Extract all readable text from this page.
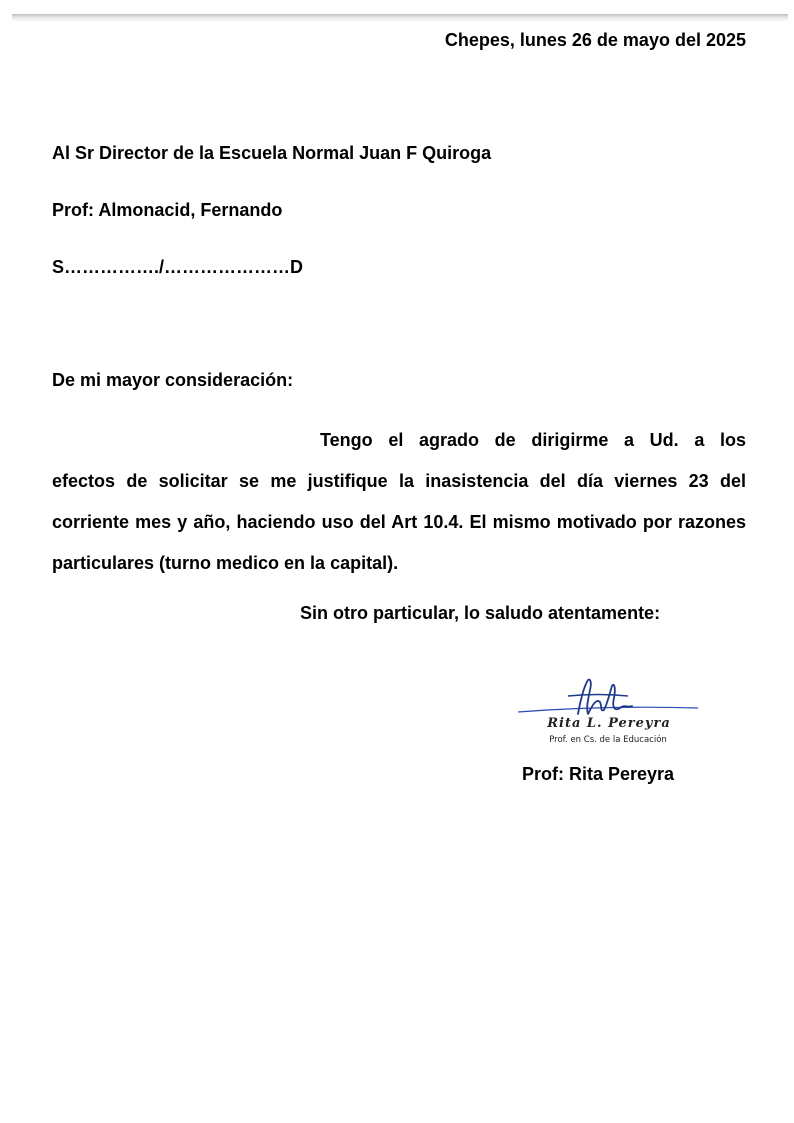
Chepes, lunes 26 de mayo del 2025
Al Sr Director de la Escuela Normal Juan F Quiroga
Prof: Almonacid, Fernando
S……………./…………………D
De mi mayor consideración:
Tengo el agrado de dirigirme a Ud. a los
efectos de solicitar se me justifique la inasistencia del día viernes 23 del corriente mes y año, haciendo uso del Art 10.4. El mismo motivado por razones particulares (turno medico en la capital).
Sin otro particular, lo saludo atentamente:
Rita L. Pereyra
Prof. en Cs. de la Educación
Prof: Rita Pereyra
